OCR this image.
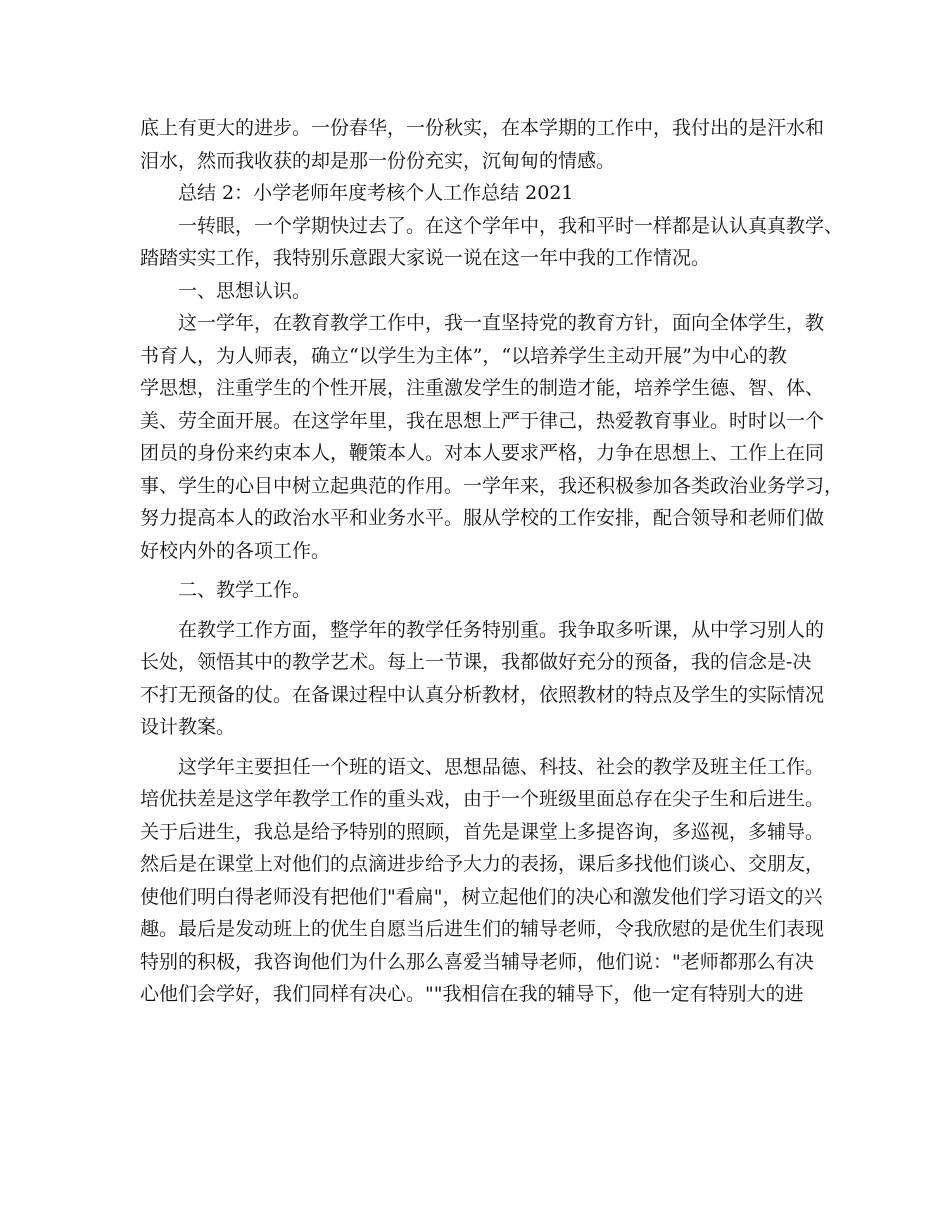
底上有更大的进步。一份春华，一份秋实，在本学期的工作中，我付出的是汗水和
泪水，然而我收获的却是那一份份充实，沉甸甸的情感。
总结 2：小学老师年度考核个人工作总结 2021
一转眼，一个学期快过去了。在这个学年中，我和平时一样都是认认真真教学、
踏踏实实工作，我特别乐意跟大家说一说在这一年中我的工作情况。
一、思想认识。
这一学年，在教育教学工作中，我一直坚持党的教育方针，面向全体学生，教
书育人，为人师表，确立“以学生为主体”，“以培养学生主动开展”为中心的教
学思想，注重学生的个性开展，注重激发学生的制造才能，培养学生德、智、体、
美、劳全面开展。在这学年里，我在思想上严于律己，热爱教育事业。时时以一个
团员的身份来约束本人，鞭策本人。对本人要求严格，力争在思想上、工作上在同
事、学生的心目中树立起典范的作用。一学年来，我还积极参加各类政治业务学习，
努力提高本人的政治水平和业务水平。服从学校的工作安排，配合领导和老师们做
好校内外的各项工作。
二、教学工作。
在教学工作方面，整学年的教学任务特别重。我争取多听课，从中学习别人的
长处，领悟其中的教学艺术。每上一节课，我都做好充分的预备，我的信念是-决
不打无预备的仗。在备课过程中认真分析教材，依照教材的特点及学生的实际情况
设计教案。
这学年主要担任一个班的语文、思想品德、科技、社会的教学及班主任工作。
培优扶差是这学年教学工作的重头戏，由于一个班级里面总存在尖子生和后进生。
关于后进生，我总是给予特别的照顾，首先是课堂上多提咨询，多巡视，多辅导。
然后是在课堂上对他们的点滴进步给予大力的表扬，课后多找他们谈心、交朋友，
使他们明白得老师没有把他们"看扁"，树立起他们的决心和激发他们学习语文的兴
趣。最后是发动班上的优生自愿当后进生们的辅导老师，令我欣慰的是优生们表现
特别的积极，我咨询他们为什么那么喜爱当辅导老师，他们说："老师都那么有决
心他们会学好，我们同样有决心。""我相信在我的辅导下，他一定有特别大的进
